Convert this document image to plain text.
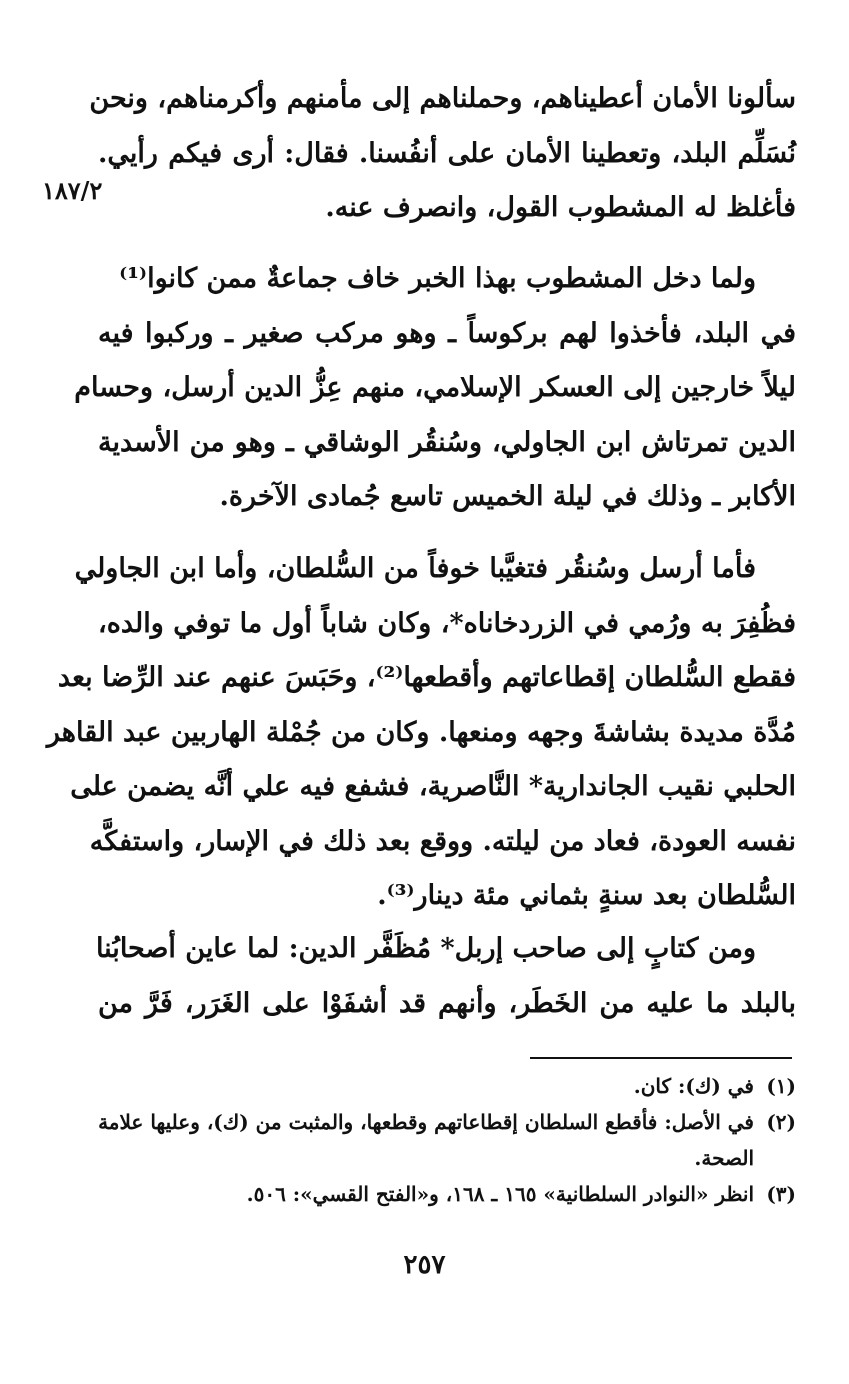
١٨٧/٢
سألونا الأمان أعطيناهم، وحملناهم إلى مأمنهم وأكرمناهم، ونحن
نُسَلِّم البلد، وتعطينا الأمان على أنفُسنا. فقال: أرى فيكم رأيي.
فأغلظ له المشطوب القول، وانصرف عنه.
ولما دخل المشطوب بهذا الخبر خاف جماعةٌ ممن كانوا⁽¹⁾
في البلد، فأخذوا لهم بركوساً ـ وهو مركب صغير ـ وركبوا فيه
ليلاً خارجين إلى العسكر الإسلامي، منهم عِزُّ الدين أرسل، وحسام
الدين تمرتاش ابن الجاولي، وسُنقُر الوشاقي ـ وهو من الأسدية
الأكابر ـ وذلك في ليلة الخميس تاسع جُمادى الآخرة.
فأما أرسل وسُنقُر فتغيَّبا خوفاً من السُّلطان، وأما ابن الجاولي
فظُفِرَ به ورُمي في الزردخاناه*، وكان شاباً أول ما توفي والده،
فقطع السُّلطان إقطاعاتهم وأقطعها⁽²⁾، وحَبَسَ عنهم عند الرِّضا بعد
مُدَّة مديدة بشاشةَ وجهه ومنعها. وكان من جُمْلة الهاربين عبد القاهر
الحلبي نقيب الجاندارية* النَّاصرية، فشفع فيه علي أنَّه يضمن على
نفسه العودة، فعاد من ليلته. ووقع بعد ذلك في الإسار، واستفكَّه
السُّلطان بعد سنةٍ بثماني مئة دينار⁽³⁾.
ومن كتابٍ إلى صاحب إربل* مُظَفَّر الدين: لما عاين أصحابُنا
بالبلد ما عليه من الخَطَر، وأنهم قد أشفَوْا على الغَرَر، فَرَّ من
(١)
في (ك): كان.
(٢)
في الأصل: فأقطع السلطان إقطاعاتهم وقطعها، والمثبت من (ك)، وعليها علامة الصحة.
(٣)
انظر «النوادر السلطانية» ١٦٥ ـ ١٦٨، و«الفتح القسي»: ٥٠٦.
٢٥٧
